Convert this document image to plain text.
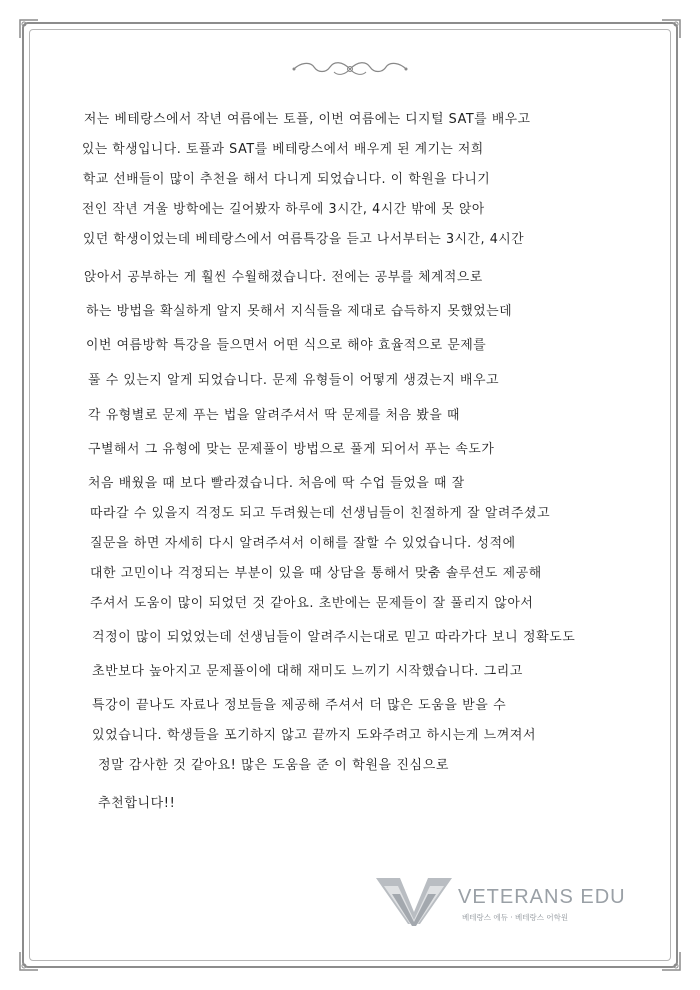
저는 베테랑스에서 작년 여름에는 토플, 이번 여름에는 디지털 SAT를 배우고
있는 학생입니다. 토플과 SAT를 베테랑스에서 배우게 된 계기는 저희
학교 선배들이 많이 추천을 해서 다니게 되었습니다. 이 학원을 다니기
전인 작년 겨울 방학에는 길어봤자 하루에 3시간, 4시간 밖에 못 앉아
있던 학생이었는데 베테랑스에서 여름특강을 듣고 나서부터는 3시간, 4시간
앉아서 공부하는 게 훨씬 수월해졌습니다. 전에는 공부를 체계적으로
하는 방법을 확실하게 알지 못해서 지식들을 제대로 습득하지 못했었는데
이번 여름방학 특강을 들으면서 어떤 식으로 해야 효율적으로 문제를
풀 수 있는지 알게 되었습니다. 문제 유형들이 어떻게 생겼는지 배우고
각 유형별로 문제 푸는 법을 알려주셔서 딱 문제를 처음 봤을 때
구별해서 그 유형에 맞는 문제풀이 방법으로 풀게 되어서 푸는 속도가
처음 배웠을 때 보다 빨라졌습니다. 처음에 딱 수업 들었을 때 잘
따라갈 수 있을지 걱정도 되고 두려웠는데 선생님들이 친절하게 잘 알려주셨고
질문을 하면 자세히 다시 알려주셔서 이해를 잘할 수 있었습니다. 성적에
대한 고민이나 걱정되는 부분이 있을 때 상담을 통해서 맞춤 솔루션도 제공해
주셔서 도움이 많이 되었던 것 같아요. 초반에는 문제들이 잘 풀리지 않아서
걱정이 많이 되었었는데 선생님들이 알려주시는대로 믿고 따라가다 보니 정확도도
초반보다 높아지고 문제풀이에 대해 재미도 느끼기 시작했습니다. 그리고
특강이 끝나도 자료나 정보들을 제공해 주셔서 더 많은 도움을 받을 수
있었습니다. 학생들을 포기하지 않고 끝까지 도와주려고 하시는게 느껴져서
정말 감사한 것 같아요! 많은 도움을 준 이 학원을 진심으로
추천합니다!!
VETERANS EDU
베테랑스 에듀 · 베테랑스 어학원
